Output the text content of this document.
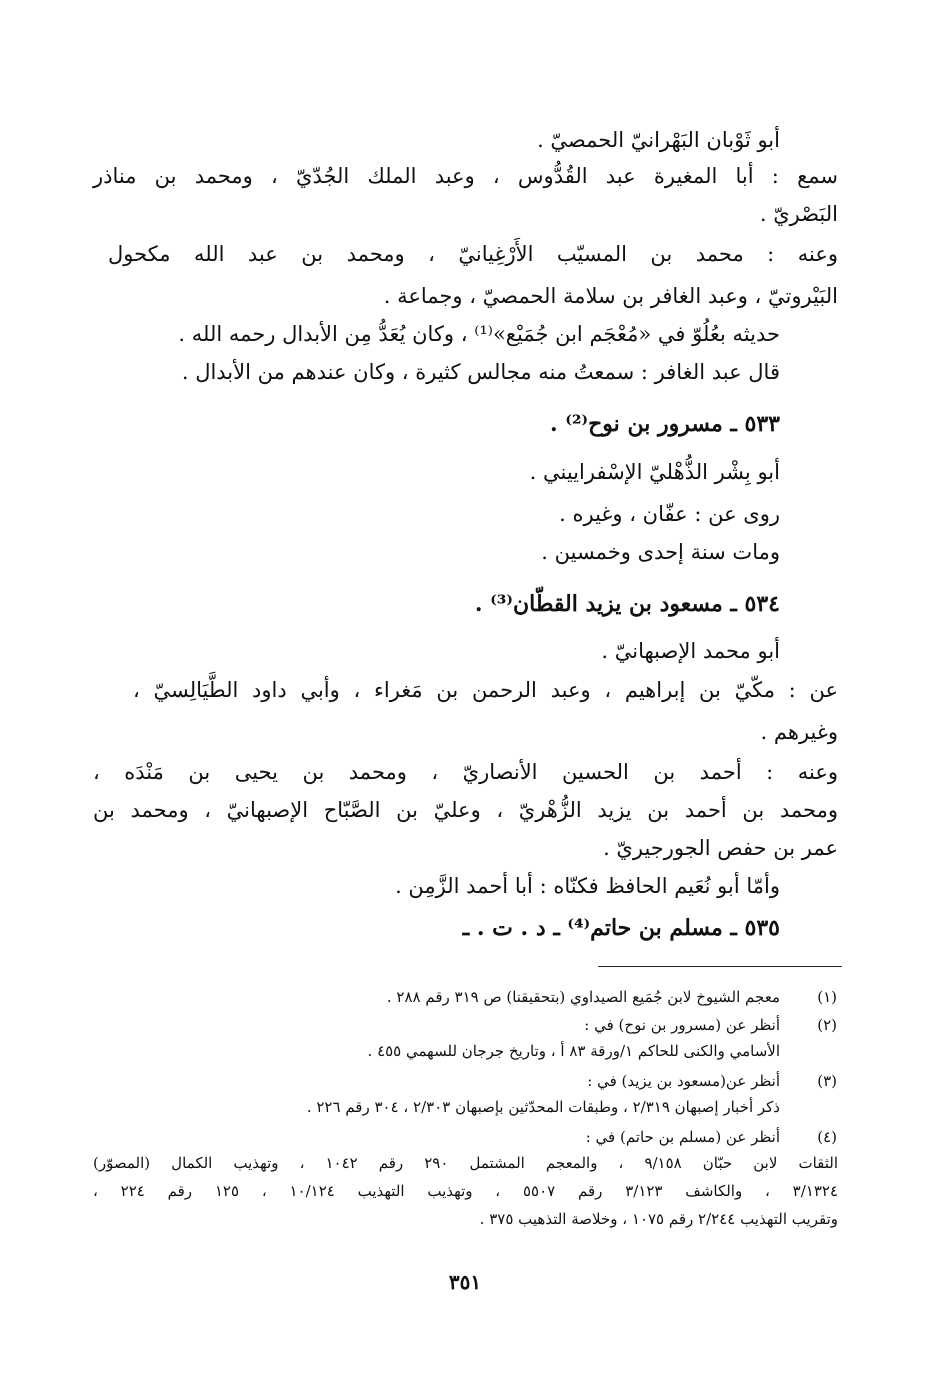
أبو ثَوْبان البَهْرانيّ الحمصيّ .
سمع : أبا المغيرة عبد القُدُّوس ، وعبد الملك الجُدّيّ ، ومحمد بن مناذر
البَصْريّ .
وعنه : محمد بن المسيّب الأَرْغِيانيّ ، ومحمد بن عبد الله مكحول
البَيْروتيّ ، وعبد الغافر بن سلامة الحمصيّ ، وجماعة .
حديثه بعُلُوّ في «مُعْجَم ابن جُمَيْع»⁽¹⁾ ، وكان يُعَدُّ مِن الأبدال رحمه الله .
قال عبد الغافر : سمعتُ منه مجالس كثيرة ، وكان عندهم من الأبدال .
٥٣٣ ـ مسرور بن نوح⁽²⁾ .
أبو بِشْر الذُّهْليّ الإسْفراييني .
روى عن : عفّان ، وغيره .
ومات سنة إحدى وخمسين .
٥٣٤ ـ مسعود بن يزيد القطّان⁽³⁾ .
أبو محمد الإصبهانيّ .
عن : مكّيّ بن إبراهيم ، وعبد الرحمن بن مَغراء ، وأبي داود الطَّيَالِسيّ ،
وغيرهم .
وعنه : أحمد بن الحسين الأنصاريّ ، ومحمد بن يحيى بن مَنْدَه ،
ومحمد بن أحمد بن يزيد الزُّهْريّ ، وعليّ بن الصَّبّاح الإصبهانيّ ، ومحمد بن
عمر بن حفص الجورجيريّ .
وأمّا أبو نُعَيم الحافظ فكنّاه : أبا أحمد الزَّمِن .
٥٣٥ ـ مسلم بن حاتم⁽⁴⁾ ـ د . ت . ـ
(١)
معجم الشيوخ لابن جُمَيع الصيداوي (بتحقيقنا) ص ٣١٩ رقم ٢٨٨ .
(٢)
أنظر عن (مسرور بن نوح) في :
الأسامي والكنى للحاكم ١/ورقة ٨٣ أ ، وتاريخ جرجان للسهمي ٤٥٥ .
(٣)
أنظر عن(مسعود بن يزيد) في :
ذكر أخبار إصبهان ٢/٣١٩ ، وطبقات المحدّثين بإصبهان ٢/٣٠٣ ، ٣٠٤ رقم ٢٢٦ .
(٤)
أنظر عن (مسلم بن حاتم) في :
الثقات لابن حبّان ٩/١٥٨ ، والمعجم المشتمل ٢٩٠ رقم ١٠٤٢ ، وتهذيب الكمال (المصوّر)
٣/١٣٢٤ ، والكاشف ٣/١٢٣ رقم ٥٥٠٧ ، وتهذيب التهذيب ١٠/١٢٤ ، ١٢٥ رقم ٢٢٤ ،
وتقريب التهذيب ٢/٢٤٤ رقم ١٠٧٥ ، وخلاصة التذهيب ٣٧٥ .
٣٥١
